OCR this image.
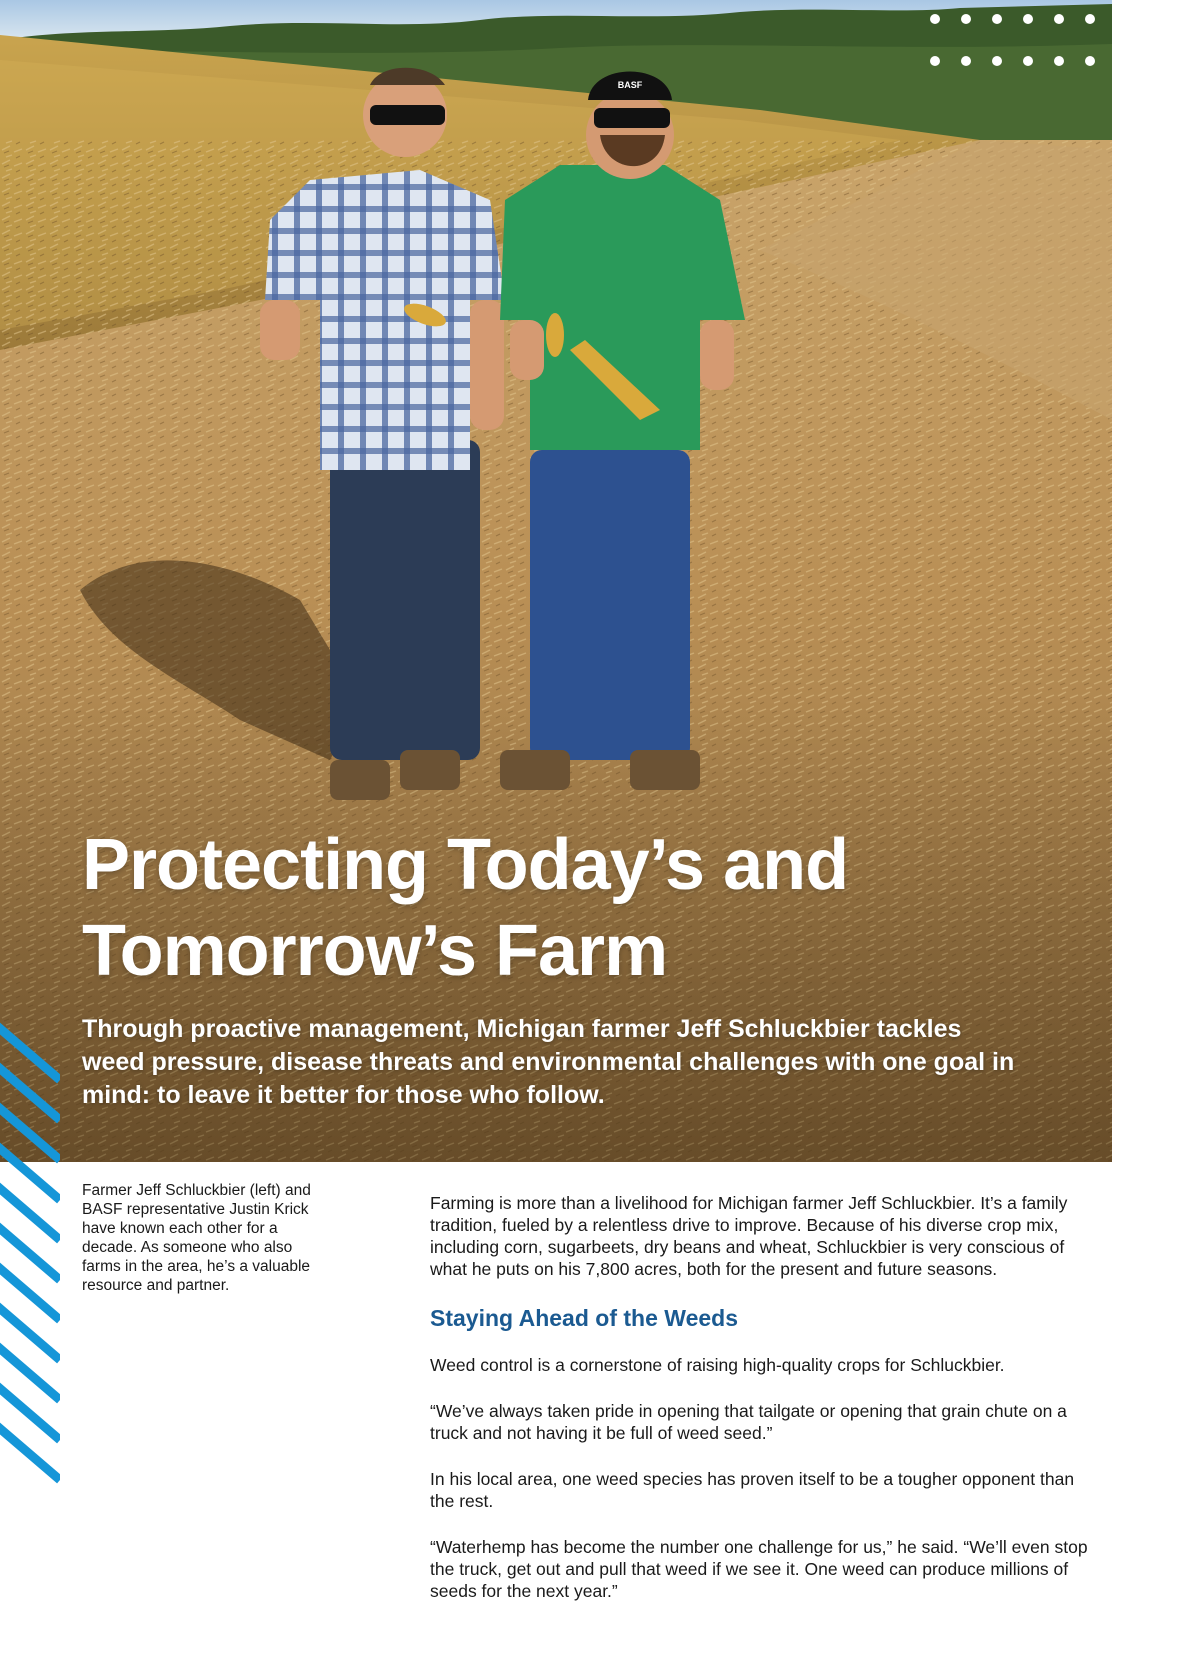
BASF
Protecting Today’s and
Tomorrow’s Farm

Through proactive management, Michigan farmer Jeff Schluckbier tackles weed pressure, disease threats and environmental challenges with one goal in mind: to leave it better for those who follow.

Farmer Jeff Schluckbier (left) and BASF representative Justin Krick have known each other for a decade. As someone who also farms in the area, he’s a valuable resource and partner.

Farming is more than a livelihood for Michigan farmer Jeff Schluckbier. It’s a family tradition, fueled by a relentless drive to improve. Because of his diverse crop mix, including corn, sugarbeets, dry beans and wheat, Schluckbier is very conscious of what he puts on his 7,800 acres, both for the present and future seasons.

Staying Ahead of the Weeds

Weed control is a cornerstone of raising high-quality crops for Schluckbier.

“We’ve always taken pride in opening that tailgate or opening that grain chute on a truck and not having it be full of weed seed.”

In his local area, one weed species has proven itself to be a tougher opponent than the rest.

“Waterhemp has become the number one challenge for us,” he said. “We’ll even stop the truck, get out and pull that weed if we see it. One weed can produce millions of seeds for the next year.”
